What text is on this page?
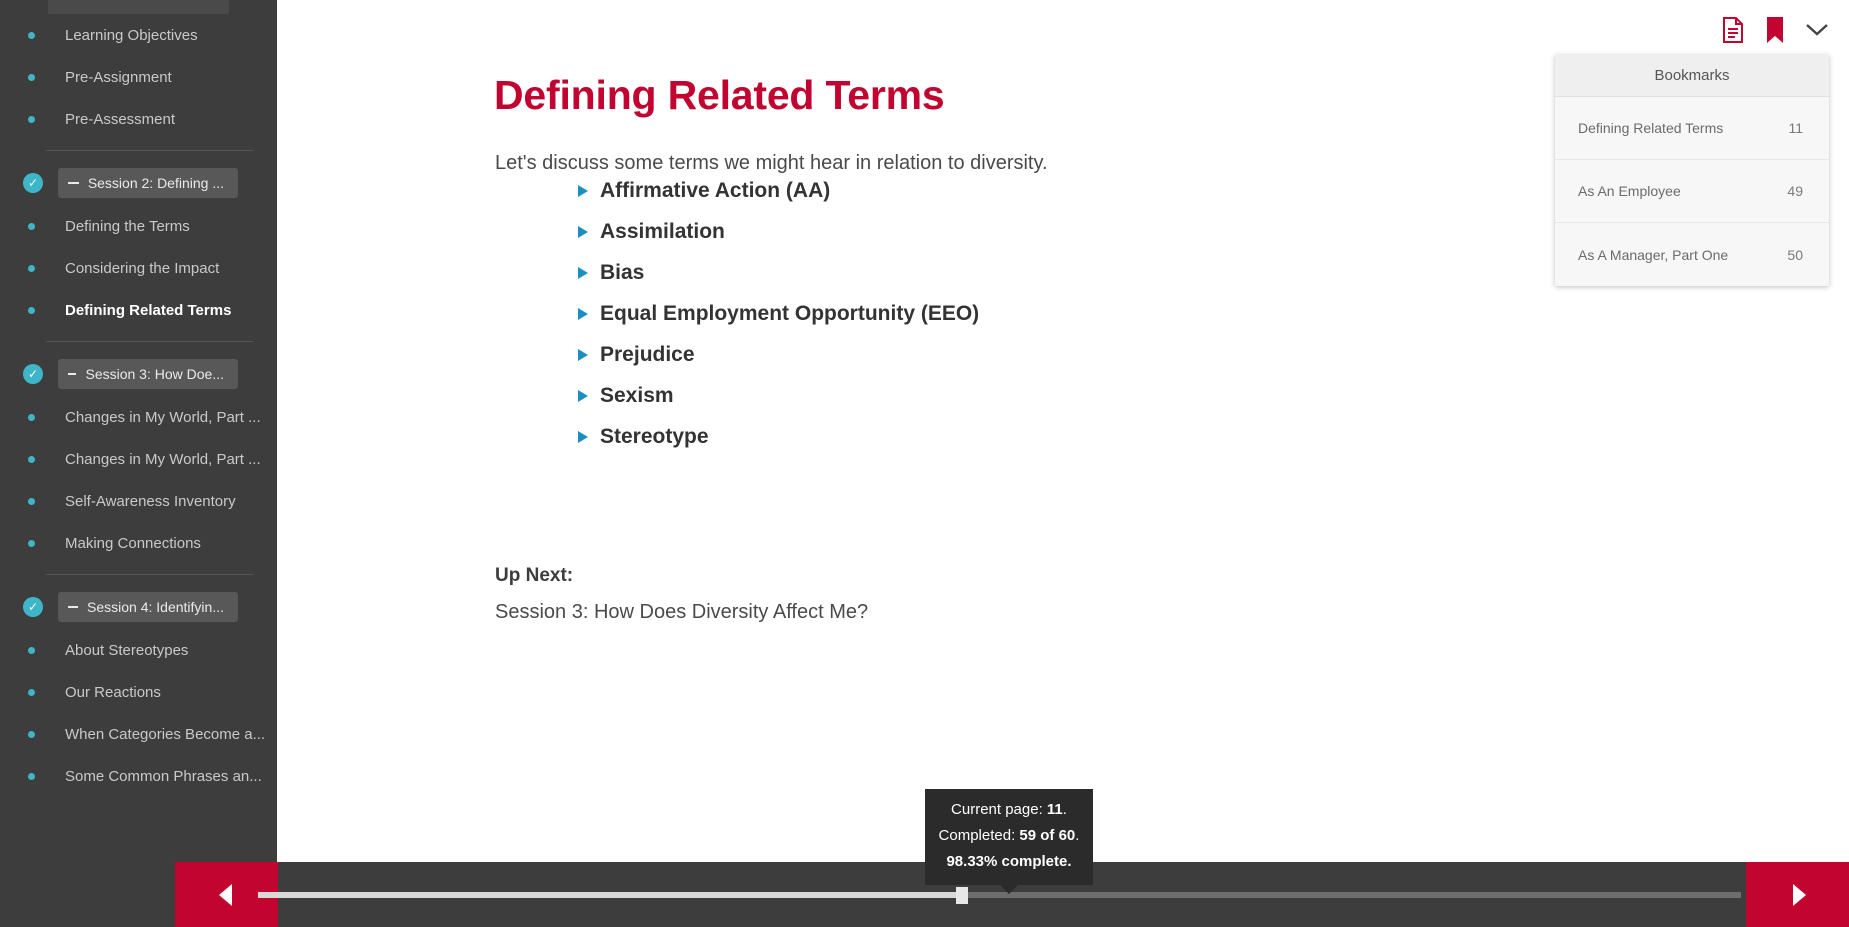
Learning Objectives
Pre-Assignment
Pre-Assessment
✓	Session 2: Defining ...
Defining the Terms
Considering the Impact
Defining Related Terms
✓	Session 3: How Doe...
Changes in My World, Part ...
Changes in My World, Part ...
Self-Awareness Inventory
Making Connections
✓	Session 4: Identifyin...
About Stereotypes
Our Reactions
When Categories Become a...
Some Common Phrases an...
Defining Related Terms

Let's discuss some terms we might hear in relation to diversity.

Affirmative Action (AA)
Assimilation
Bias
Equal Employment Opportunity (EEO)
Prejudice
Sexism
Stereotype
Up Next:
Session 3: How Does Diversity Affect Me?
Bookmarks
Defining Related Terms	11
As An Employee	49
As A Manager, Part One	50
Current page: 11.
Completed: 59 of 60.
98.33% complete.
